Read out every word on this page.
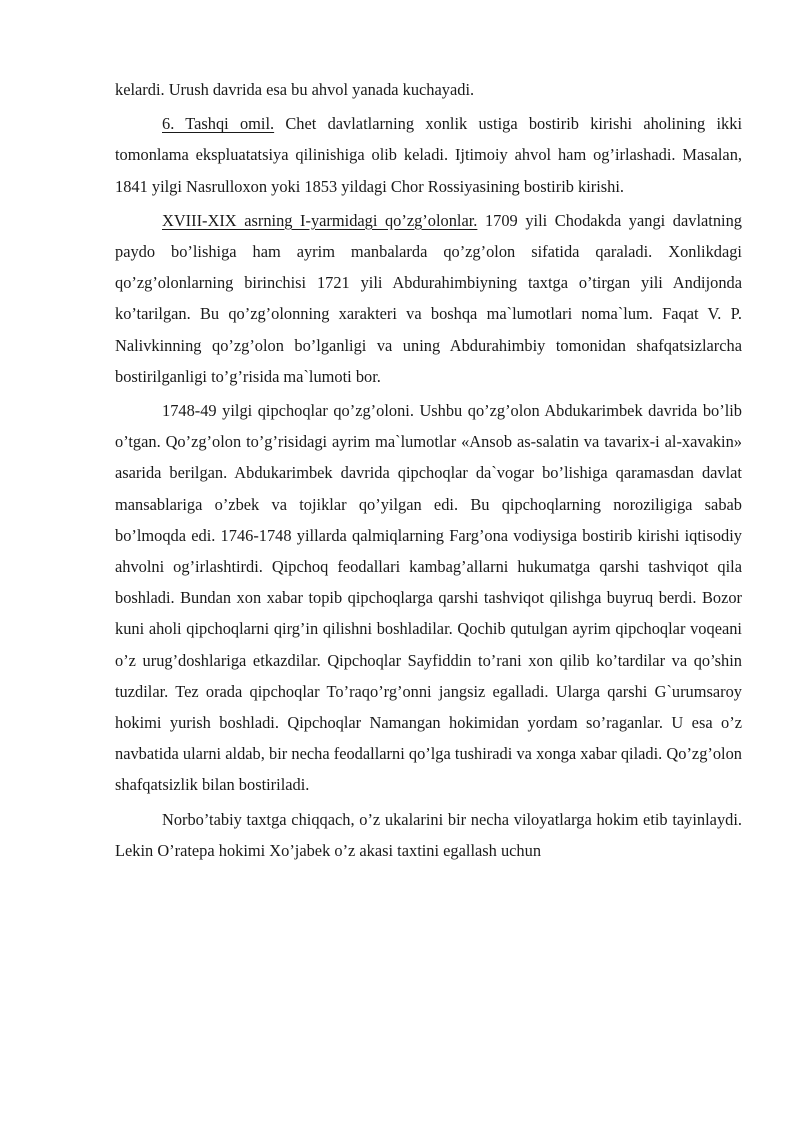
kelardi. Urush davrida esa bu ahvol yanada kuchayadi.

6. Tashqi omil. Chet davlatlarning xonlik ustiga bostirib kirishi aholining ikki tomonlama ekspluatatsiya qilinishiga olib keladi. Ijtimoiy ahvol ham og’irlashadi. Masalan, 1841 yilgi Nasrulloxon yoki 1853 yildagi Chor Rossiyasining bostirib kirishi.

XVIII-XIX asrning I-yarmidagi qo’zg’olonlar. 1709 yili Chodakda yangi davlatning paydo bo’lishiga ham ayrim manbalarda qo’zg’olon sifatida qaraladi. Xonlikdagi qo’zg’olonlarning birinchisi 1721 yili Abdurahimbiyning taxtga o’tirgan yili Andijonda ko’tarilgan. Bu qo’zg’olonning xarakteri va boshqa ma`lumotlari noma`lum. Faqat V. P. Nalivkinning qo’zg’olon bo’lganligi va uning Abdurahimbiy tomonidan shafqatsizlarcha bostirilganligi to’g’risida ma`lumoti bor.

1748-49 yilgi qipchoqlar qo’zg’oloni. Ushbu qo’zg’olon Abdukarimbek davrida bo’lib o’tgan. Qo’zg’olon to’g’risidagi ayrim ma`lumotlar «Ansob as-salatin va tavarix-i al-xavakin» asarida berilgan. Abdukarimbek davrida qipchoqlar da`vogar bo’lishiga qaramasdan davlat mansablariga o’zbek va tojiklar qo’yilgan edi. Bu qipchoqlarning noroziligiga sabab bo’lmoqda edi. 1746-1748 yillarda qalmiqlarning Farg’ona vodiysiga bostirib kirishi iqtisodiy ahvolni og’irlashtirdi. Qipchoq feodallari kambag’allarni hukumatga qarshi tashviqot qila boshladi. Bundan xon xabar topib qipchoqlarga qarshi tashviqot qilishga buyruq berdi. Bozor kuni aholi qipchoqlarni qirg’in qilishni boshladilar. Qochib qutulgan ayrim qipchoqlar voqeani o’z urug’doshlariga etkazdilar. Qipchoqlar Sayfiddin to’rani xon qilib ko’tardilar va qo’shin tuzdilar. Tez orada qipchoqlar To’raqo’rg’onni jangsiz egalladi. Ularga qarshi G`urumsaroy hokimi yurish boshladi. Qipchoqlar Namangan hokimidan yordam so’raganlar. U esa o’z navbatida ularni aldab, bir necha feodallarni qo’lga tushiradi va xonga xabar qiladi. Qo’zg’olon shafqatsizlik bilan bostiriladi.

Norbo’tabiy taxtga chiqqach, o’z ukalarini bir necha viloyatlarga hokim etib tayinlaydi. Lekin O’ratepa hokimi Xo’jabek o’z akasi taxtini egallash uchun
